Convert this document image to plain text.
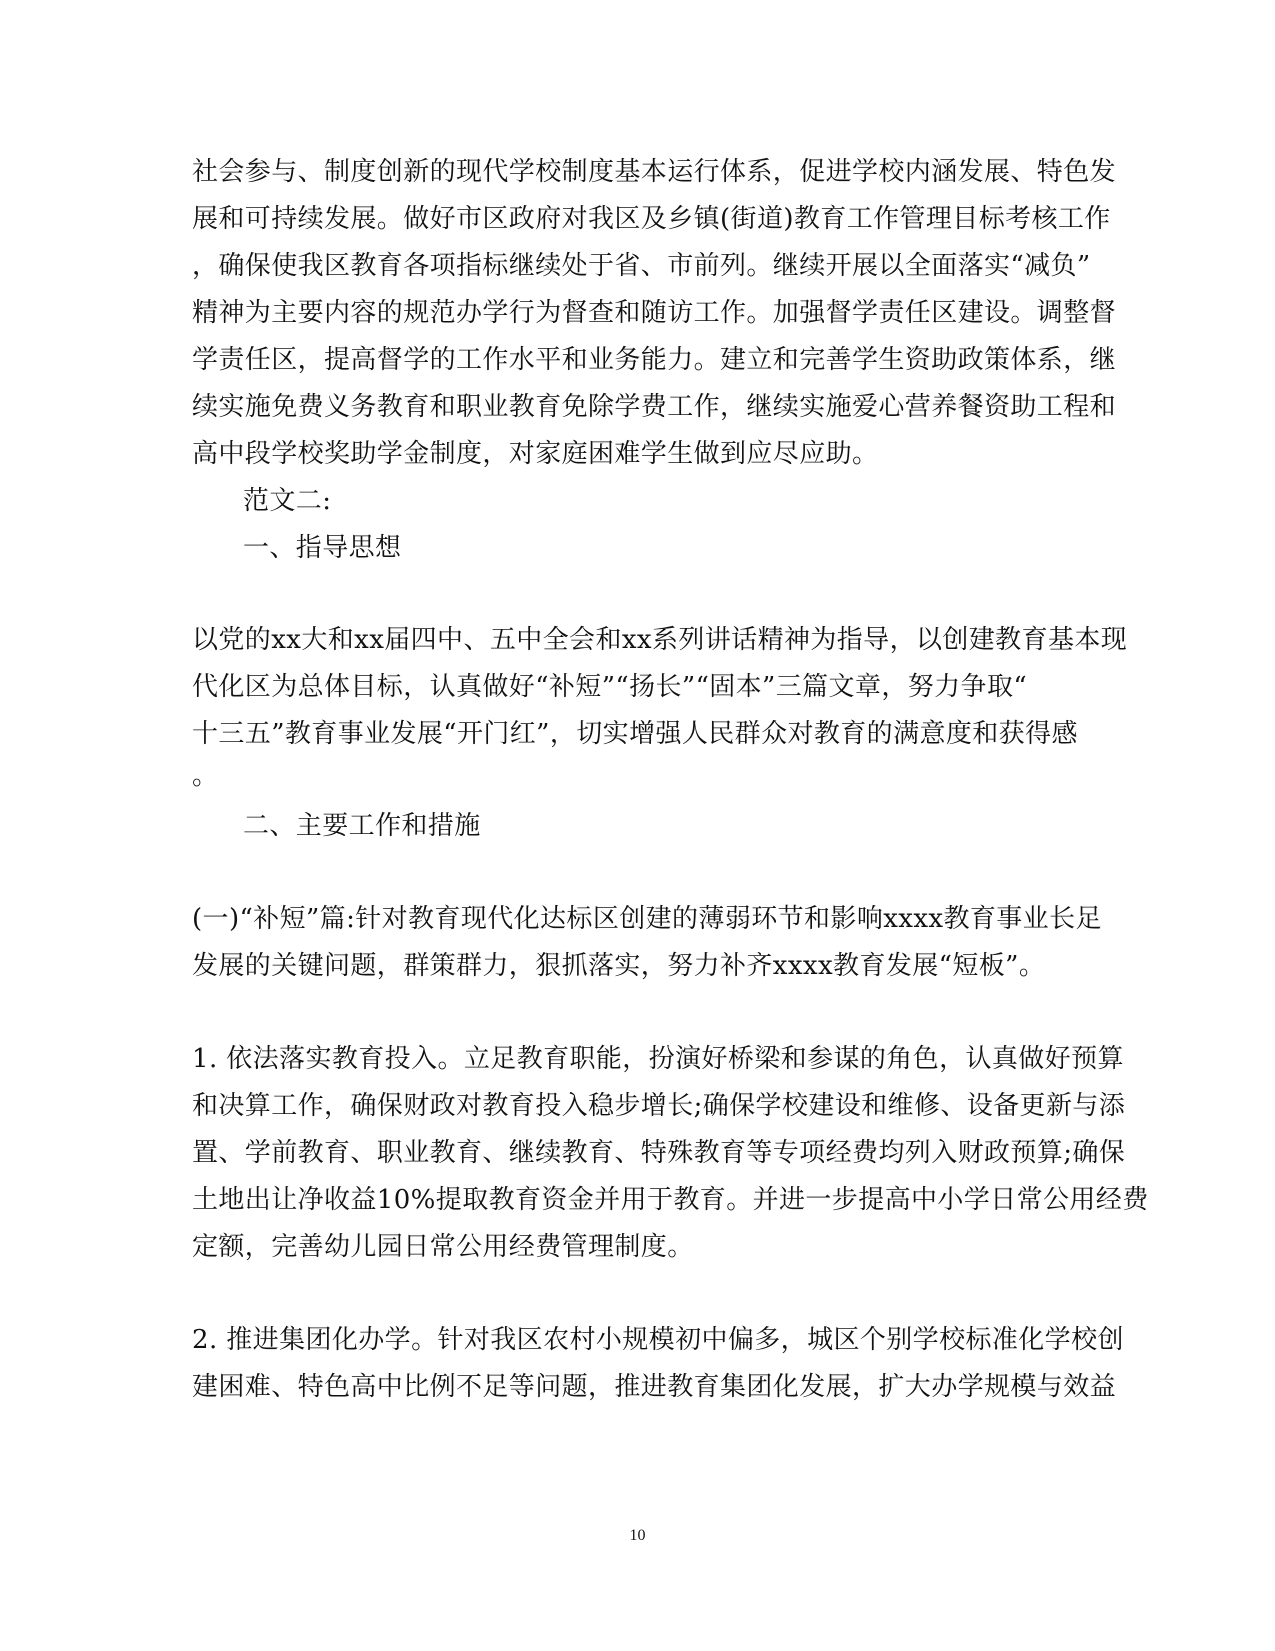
社会参与、制度创新的现代学校制度基本运行体系，促进学校内涵发展、特色发
展和可持续发展。做好市区政府对我区及乡镇(街道)教育工作管理目标考核工作
，确保使我区教育各项指标继续处于省、市前列。继续开展以全面落实“减负”
精神为主要内容的规范办学行为督查和随访工作。加强督学责任区建设。调整督
学责任区，提高督学的工作水平和业务能力。建立和完善学生资助政策体系，继
续实施免费义务教育和职业教育免除学费工作，继续实施爱心营养餐资助工程和
高中段学校奖助学金制度，对家庭困难学生做到应尽应助。
范文二:
一、指导思想
以党的xx大和xx届四中、五中全会和xx系列讲话精神为指导，以创建教育基本现
代化区为总体目标，认真做好“补短”“扬长”“固本”三篇文章，努力争取“
十三五”教育事业发展“开门红”，切实增强人民群众对教育的满意度和获得感
。
二、主要工作和措施
(一)“补短”篇:针对教育现代化达标区创建的薄弱环节和影响xxxx教育事业长足
发展的关键问题，群策群力，狠抓落实，努力补齐xxxx教育发展“短板”。
1. 依法落实教育投入。立足教育职能，扮演好桥梁和参谋的角色，认真做好预算
和决算工作，确保财政对教育投入稳步增长;确保学校建设和维修、设备更新与添
置、学前教育、职业教育、继续教育、特殊教育等专项经费均列入财政预算;确保
土地出让净收益10%提取教育资金并用于教育。并进一步提高中小学日常公用经费
定额，完善幼儿园日常公用经费管理制度。
2. 推进集团化办学。针对我区农村小规模初中偏多，城区个别学校标准化学校创
建困难、特色高中比例不足等问题，推进教育集团化发展，扩大办学规模与效益
10
